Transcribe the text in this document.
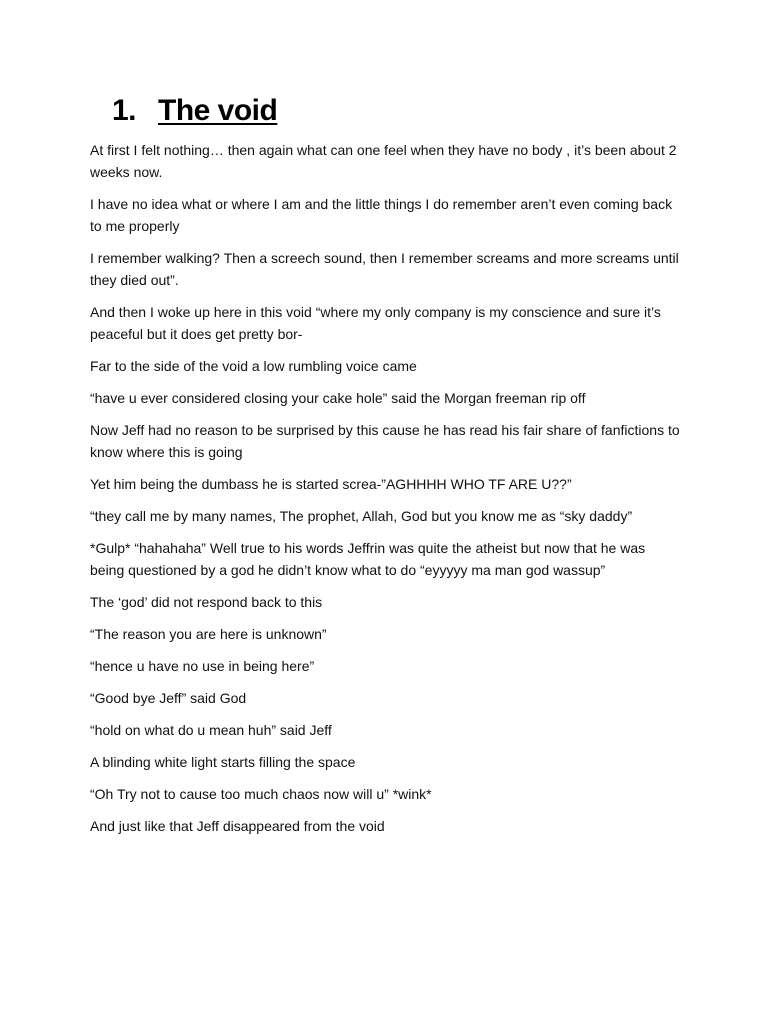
1. The void

At first I felt nothing… then again what can one feel when they have no body , it’s been about 2 weeks now.

I have no idea what or where I am and the little things I do remember aren’t even coming back to me properly

I remember walking? Then a screech sound, then I remember screams and more screams until they died out”.

And then I woke up here in this void “where my only company is my conscience and sure it’s peaceful but it does get pretty bor-

Far to the side of the void a low rumbling voice came

“have u ever considered closing your cake hole” said the Morgan freeman rip off

Now Jeff had no reason to be surprised by this cause he has read his fair share of fanfictions to know where this is going

Yet him being the dumbass he is started screa-”AGHHHH WHO TF ARE U??”

“they call me by many names, The prophet, Allah, God but you know me as “sky daddy”

*Gulp* “hahahaha” Well true to his words Jeffrin was quite the atheist but now that he was being questioned by a god he didn’t know what to do “eyyyyy ma man god wassup”

The ‘god’ did not respond back to this

“The reason you are here is unknown”

“hence u have no use in being here”

“Good bye Jeff” said God

“hold on what do u mean huh” said Jeff

A blinding white light starts filling the space

“Oh Try not to cause too much chaos now will u” *wink*

And just like that Jeff disappeared from the void
